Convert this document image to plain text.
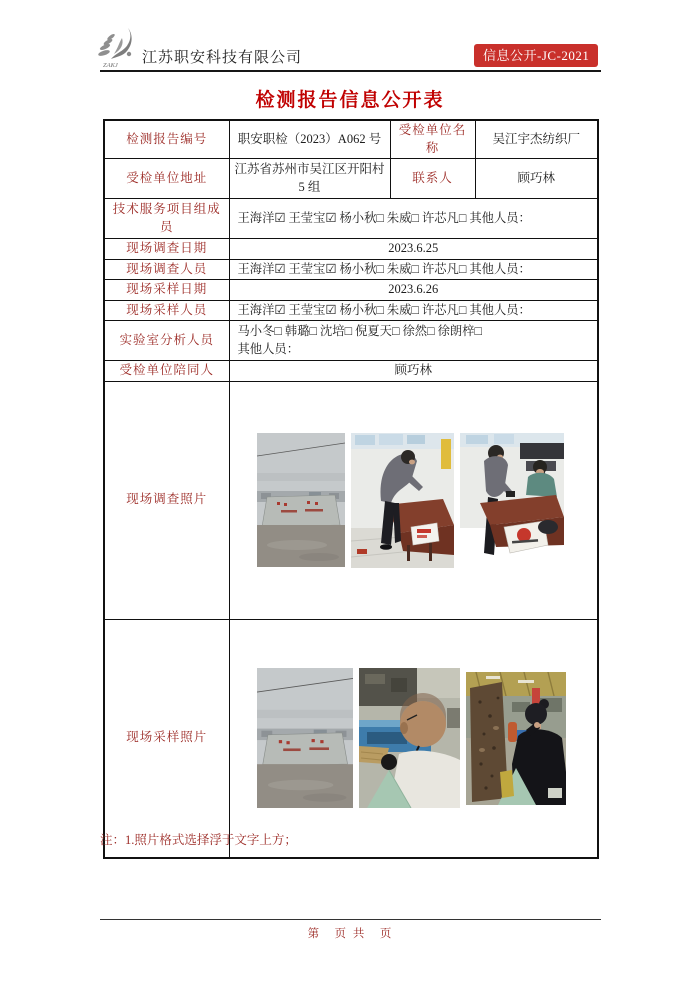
ZAKJ 江苏职安科技有限公司	信息公开-JC-2021
检测报告信息公开表
检测报告编号	职安职检（2023）A062 号	受检单位名称	吴江宇杰纺织厂
受检单位地址	江苏省苏州市吴江区开阳村5 组	联系人	顾巧林
技术服务项目组成员	王海洋☑ 王莹宝☑ 杨小秋□ 朱威□ 许芯凡□ 其他人员：		
现场调查日期	2023.6.25		
现场调查人员	王海洋☑ 王莹宝☑ 杨小秋□ 朱威□ 许芯凡□ 其他人员：		
现场采样日期	2023.6.26		
现场采样人员	王海洋☑ 王莹宝☑ 杨小秋□ 朱威□ 许芯凡□ 其他人员：		
实验室分析人员	马小冬□ 韩璐□ 沈培□ 倪夏天□ 徐然□ 徐朗梓□
其他人员：		

受检单位陪同人	顾巧林		
现场调查照片	

现场采样照片	

注：1.照片格式选择浮于文字上方；

第　页 共　页
